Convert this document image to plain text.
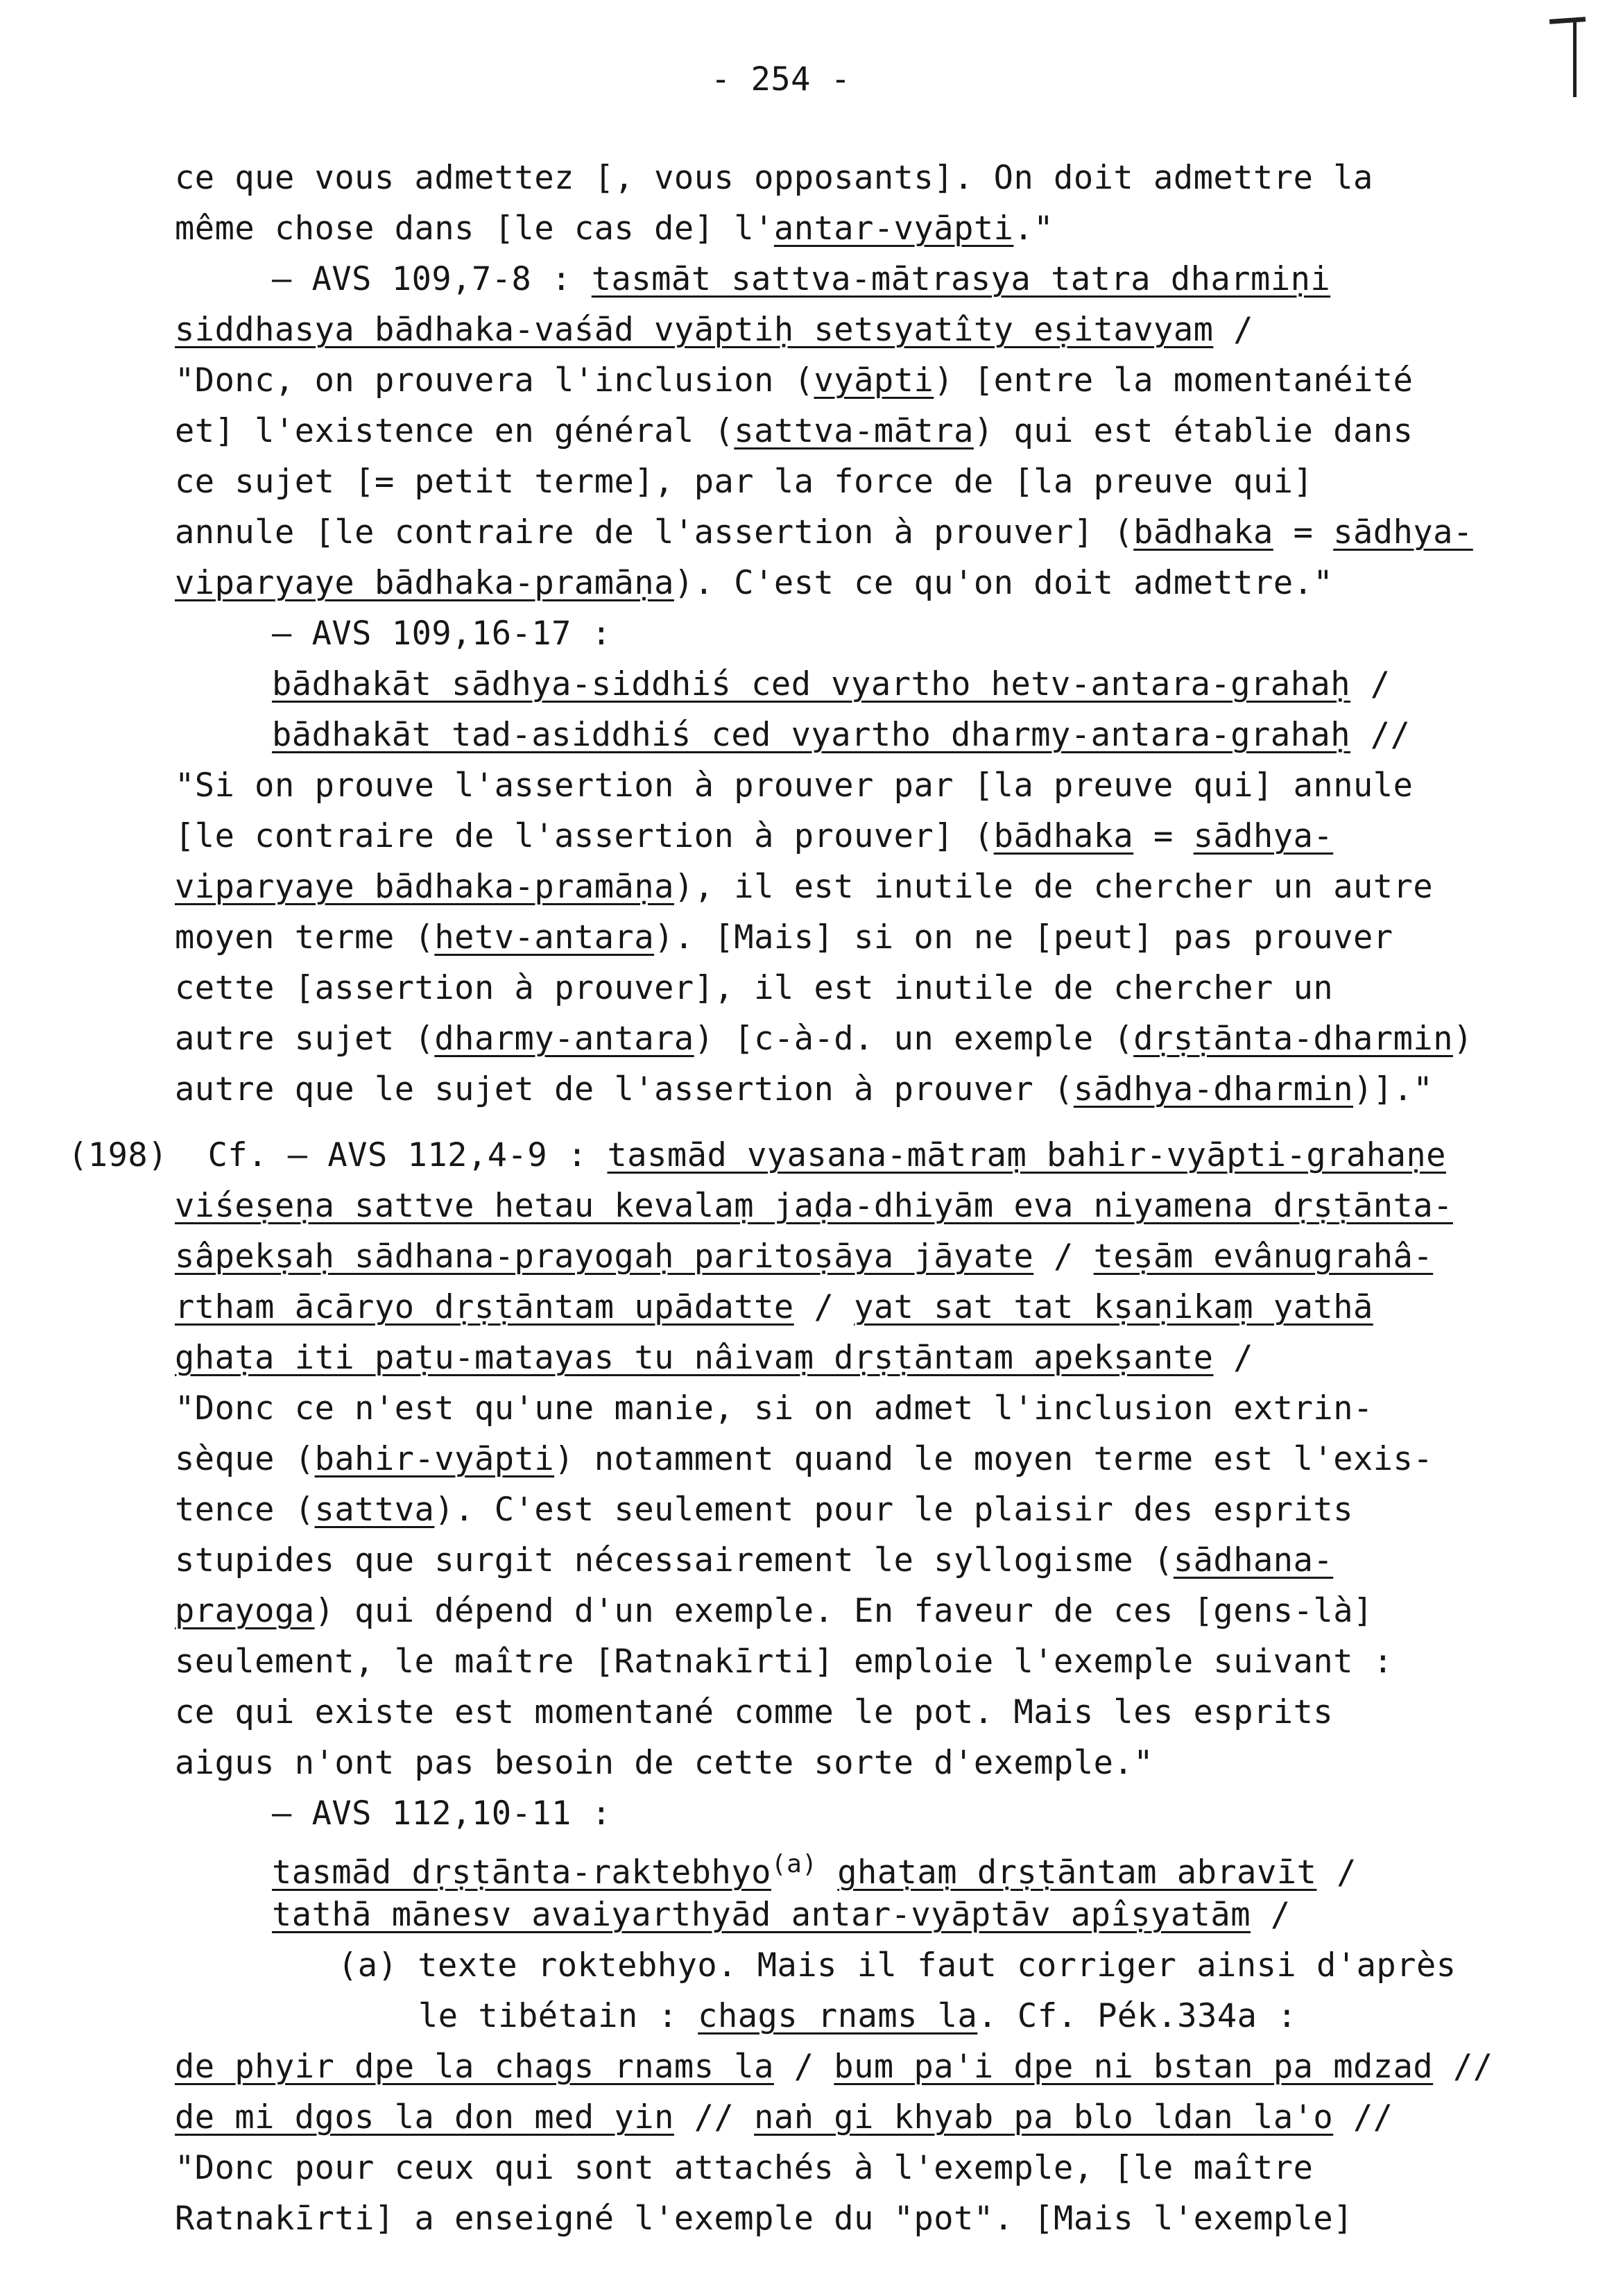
- 254 -
ce que vous admettez [, vous opposants]. On doit admettre la
même chose dans [le cas de] l'antar-vyāpti."
— AVS 109,7-8 : tasmāt sattva-mātrasya tatra dharmiṇi
siddhasya bādhaka-vaśād vyāptiḥ setsyatîty eṣitavyam /
"Donc, on prouvera l'inclusion (vyāpti) [entre la momentanéité
et] l'existence en général (sattva-mātra) qui est établie dans
ce sujet [= petit terme], par la force de [la preuve qui]
annule [le contraire de l'assertion à prouver] (bādhaka = sādhya-
viparyaye bādhaka-pramāṇa). C'est ce qu'on doit admettre."
— AVS 109,16-17 :
bādhakāt sādhya-siddhiś ced vyartho hetv-antara-grahaḥ /
bādhakāt tad-asiddhiś ced vyartho dharmy-antara-grahaḥ //
"Si on prouve l'assertion à prouver par [la preuve qui] annule
[le contraire de l'assertion à prouver] (bādhaka = sādhya-
viparyaye bādhaka-pramāṇa), il est inutile de chercher un autre
moyen terme (hetv-antara). [Mais] si on ne [peut] pas prouver
cette [assertion à prouver], il est inutile de chercher un
autre sujet (dharmy-antara) [c-à-d. un exemple (dṛṣṭānta-dharmin)
autre que le sujet de l'assertion à prouver (sādhya-dharmin)]."
(198)  Cf. — AVS 112,4-9 : tasmād vyasana-mātraṃ bahir-vyāpti-grahaṇe
viśeṣeṇa sattve hetau kevalaṃ jaḍa-dhiyām eva niyamena dṛṣṭānta-
sâpekṣaḥ sādhana-prayogaḥ paritoṣāya jāyate / teṣām evânugrahâ-
rtham ācāryo dṛṣṭāntam upādatte / yat sat tat kṣaṇikaṃ yathā
ghaṭa iti paṭu-matayas tu nâivaṃ dṛṣṭāntam apekṣante /
"Donc ce n'est qu'une manie, si on admet l'inclusion extrin-
sèque (bahir-vyāpti) notamment quand le moyen terme est l'exis-
tence (sattva). C'est seulement pour le plaisir des esprits
stupides que surgit nécessairement le syllogisme (sādhana-
prayoga) qui dépend d'un exemple. En faveur de ces [gens-là]
seulement, le maître [Ratnakīrti] emploie l'exemple suivant :
ce qui existe est momentané comme le pot. Mais les esprits
aigus n'ont pas besoin de cette sorte d'exemple."
— AVS 112,10-11 :
tasmād dṛṣṭānta-raktebhyo$^{(a)}$ ghaṭaṃ dṛṣṭāntam abravīt /
tathā mānesv avaiyarthyād antar-vyāptāv apîṣyatām /
(a) texte roktebhyo. Mais il faut corriger ainsi d'après
le tibétain : chags rnams la. Cf. Pék.334a :
de phyir dpe la chags rnams la / bum pa'i dpe ni bstan pa mdzad //
de mi dgos la don med yin // naṅ gi khyab pa blo ldan la'o //
"Donc pour ceux qui sont attachés à l'exemple, [le maître
Ratnakīrti] a enseigné l'exemple du "pot". [Mais l'exemple]
